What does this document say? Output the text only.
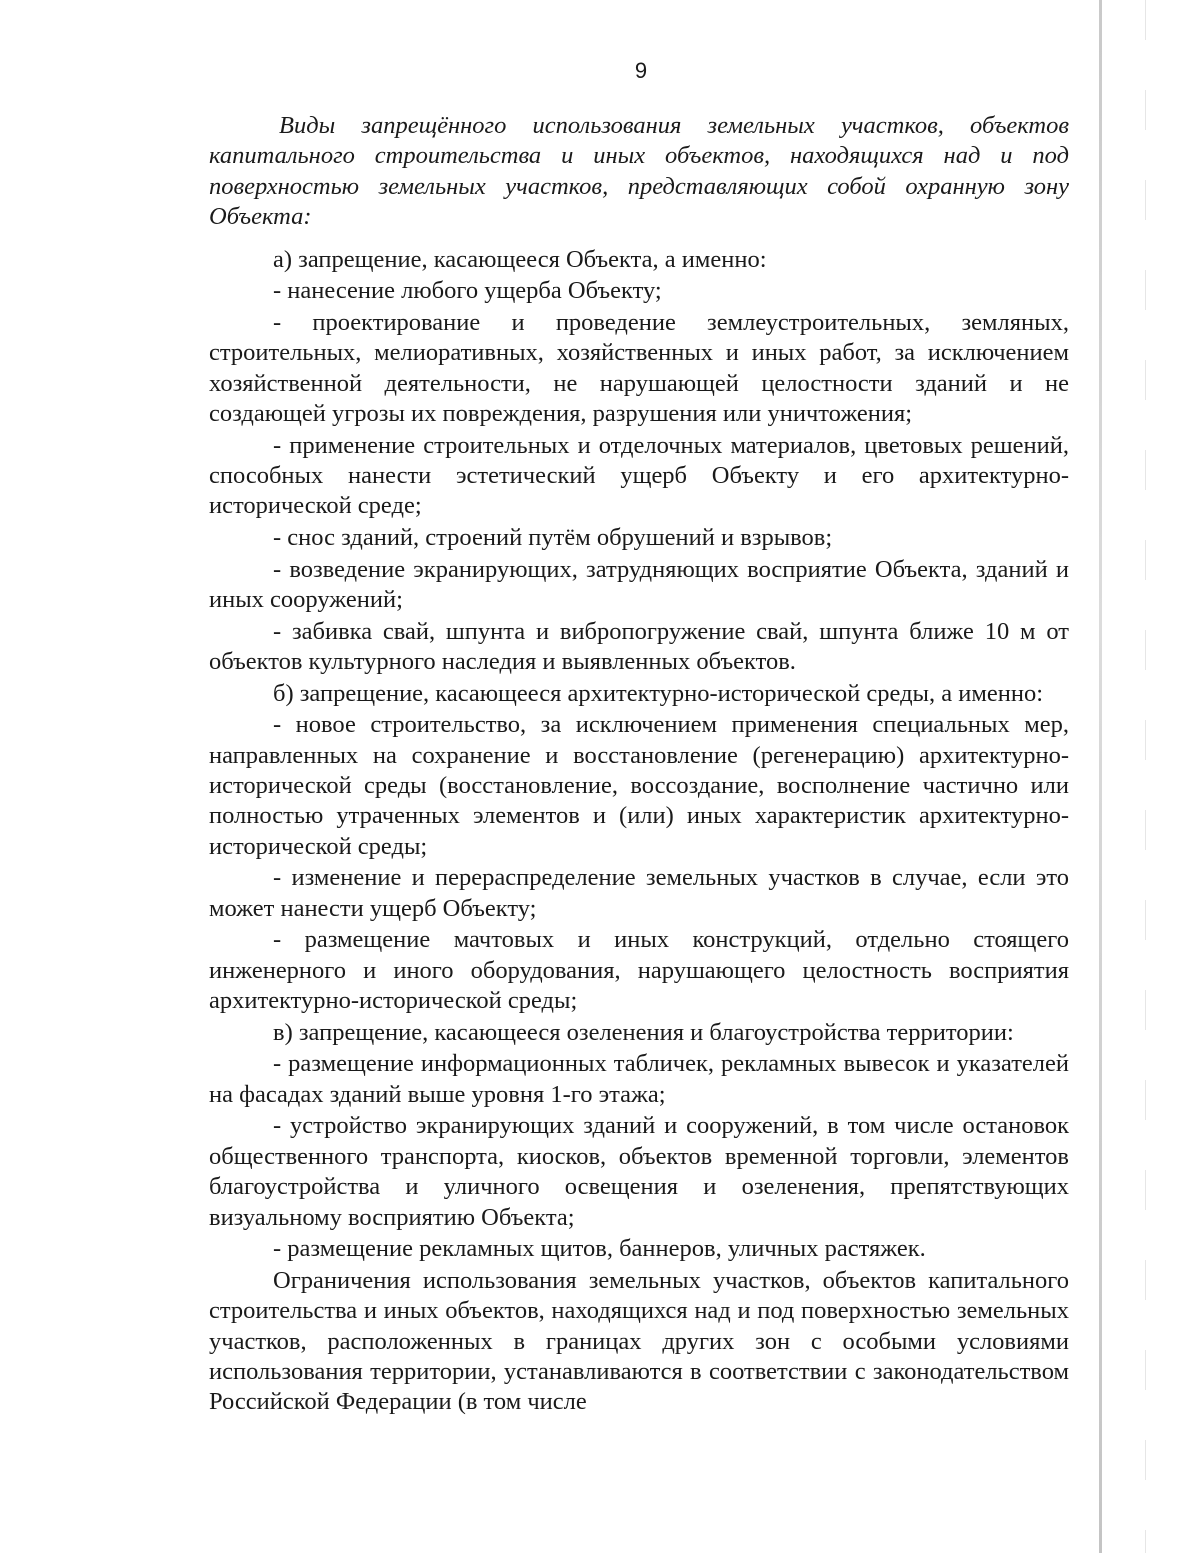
9

Виды запрещённого использования земельных участков, объектов капитального строительства и иных объектов, находящихся над и под поверхностью земельных участков, представляющих собой охранную зону Объекта:

а) запрещение, касающееся Объекта, а именно:

- нанесение любого ущерба Объекту;

- проектирование и проведение землеустроительных, земляных, строительных, мелиоративных, хозяйственных и иных работ, за исключением хозяйственной деятельности, не нарушающей целостности зданий и не создающей угрозы их повреждения, разрушения или уничтожения;

- применение строительных и отделочных материалов, цветовых решений, способных нанести эстетический ущерб Объекту и его архитектурно-исторической среде;

- снос зданий, строений путём обрушений и взрывов;

- возведение экранирующих, затрудняющих восприятие Объекта, зданий и иных сооружений;

- забивка свай, шпунта и вибропогружение свай, шпунта ближе 10 м от объектов культурного наследия и выявленных объектов.

б) запрещение, касающееся архитектурно-исторической среды, а именно:

- новое строительство, за исключением применения специальных мер, направленных на сохранение и восстановление (регенерацию) архитектурно-исторической среды (восстановление, воссоздание, восполнение частично или полностью утраченных элементов и (или) иных характеристик архитектурно-исторической среды;

- изменение и перераспределение земельных участков в случае, если это может нанести ущерб Объекту;

- размещение мачтовых и иных конструкций, отдельно стоящего инженерного и иного оборудования, нарушающего целостность восприятия архитектурно-исторической среды;

в) запрещение, касающееся озеленения и благоустройства территории:

- размещение информационных табличек, рекламных вывесок и указателей на фасадах зданий выше уровня 1-го этажа;

- устройство экранирующих зданий и сооружений, в том числе остановок общественного транспорта, киосков, объектов временной торговли, элементов благоустройства и уличного освещения и озеленения, препятствующих визуальному восприятию Объекта;

- размещение рекламных щитов, баннеров, уличных растяжек.

Ограничения использования земельных участков, объектов капитального строительства и иных объектов, находящихся над и под поверхностью земельных участков, расположенных в границах других зон с особыми условиями использования территории, устанавливаются в соответствии с законодательством Российской Федерации (в том числе
